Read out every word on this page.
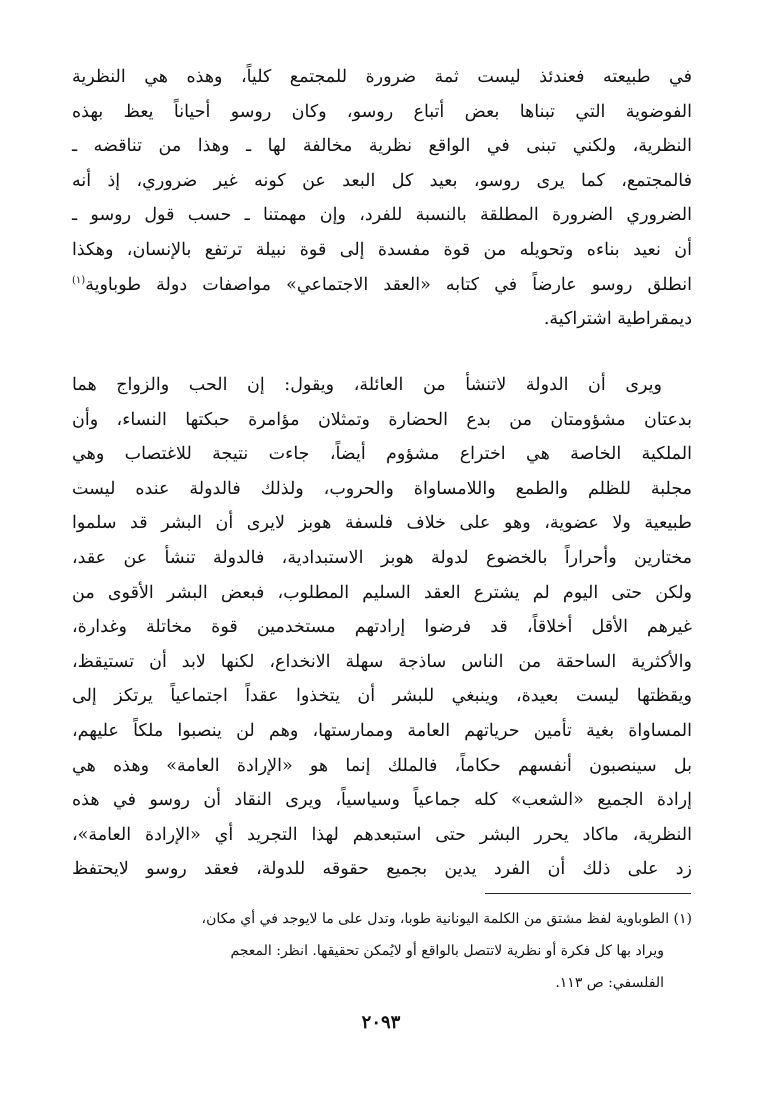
في طبيعته فعندئذ ليست ثمة ضرورة للمجتمع كلياً، وهذه هي النظرية
الفوضوية التي تبناها بعض أتباع روسو، وكان روسو أحياناً يعظ بهذه
النظرية، ولكني تبنى في الواقع نظرية مخالفة لها ـ وهذا من تناقضه ـ
فالمجتمع، كما يرى روسو، بعيد كل البعد عن كونه غير ضروري، إذ أنه
الضروري الضرورة المطلقة بالنسبة للفرد، وإن مهمتنا ـ حسب قول روسو ـ
أن نعيد بناءه وتحويله من قوة مفسدة إلى قوة نبيلة ترتفع بالإنسان، وهكذا
انطلق روسو عارضاً في كتابه «العقد الاجتماعي» مواصفات دولة طوباوية$^{(١)}$
ديمقراطية اشتراكية.
ويرى أن الدولة لاتنشأ من العائلة، ويقول: إن الحب والزواج هما
بدعتان مشؤومتان من بدع الحضارة وتمثلان مؤامرة حبكتها النساء، وأن
الملكية الخاصة هي اختراع مشؤوم أيضاً، جاءت نتيجة للاغتصاب وهي
مجلبة للظلم والطمع واللامساواة والحروب، ولذلك فالدولة عنده ليست
طبيعية ولا عضوية، وهو على خلاف فلسفة هوبز لايرى أن البشر قد سلموا
مختارين وأحراراً بالخضوع لدولة هوبز الاستبدادية، فالدولة تنشأ عن عقد،
ولكن حتى اليوم لم يشترع العقد السليم المطلوب، فبعض البشر الأقوى من
غيرهم الأقل أخلاقاً، قد فرضوا إرادتهم مستخدمين قوة مخاتلة وغدارة،
والأكثرية الساحقة من الناس ساذجة سهلة الانخداع، لكنها لابد أن تستيقظ،
ويقظتها ليست بعيدة، وينبغي للبشر أن يتخذوا عقداً اجتماعياً يرتكز إلى
المساواة بغية تأمين حرياتهم العامة وممارستها، وهم لن ينصبوا ملكاً عليهم،
بل سينصبون أنفسهم حكاماً، فالملك إنما هو «الإرادة العامة» وهذه هي
إرادة الجميع «الشعب» كله جماعياً وسياسياً، ويرى النقاد أن روسو في هذه
النظرية، ماكاد يحرر البشر حتى استبعدهم لهذا التجريد أي «الإرادة العامة»،
زد على ذلك أن الفرد يدين بجميع حقوقه للدولة، فعقد روسو لايحتفظ
(١) الطوباوية لفظ مشتق من الكلمة اليونانية طوبا، وتدل على ما لايوجد في أي مكان،
ويراد بها كل فكرة أو نظرية لاتتصل بالواقع أو لايُمكن تحقيقها. انظر: المعجم
الفلسفي: ص ١١٣.
٢٠٩٣
